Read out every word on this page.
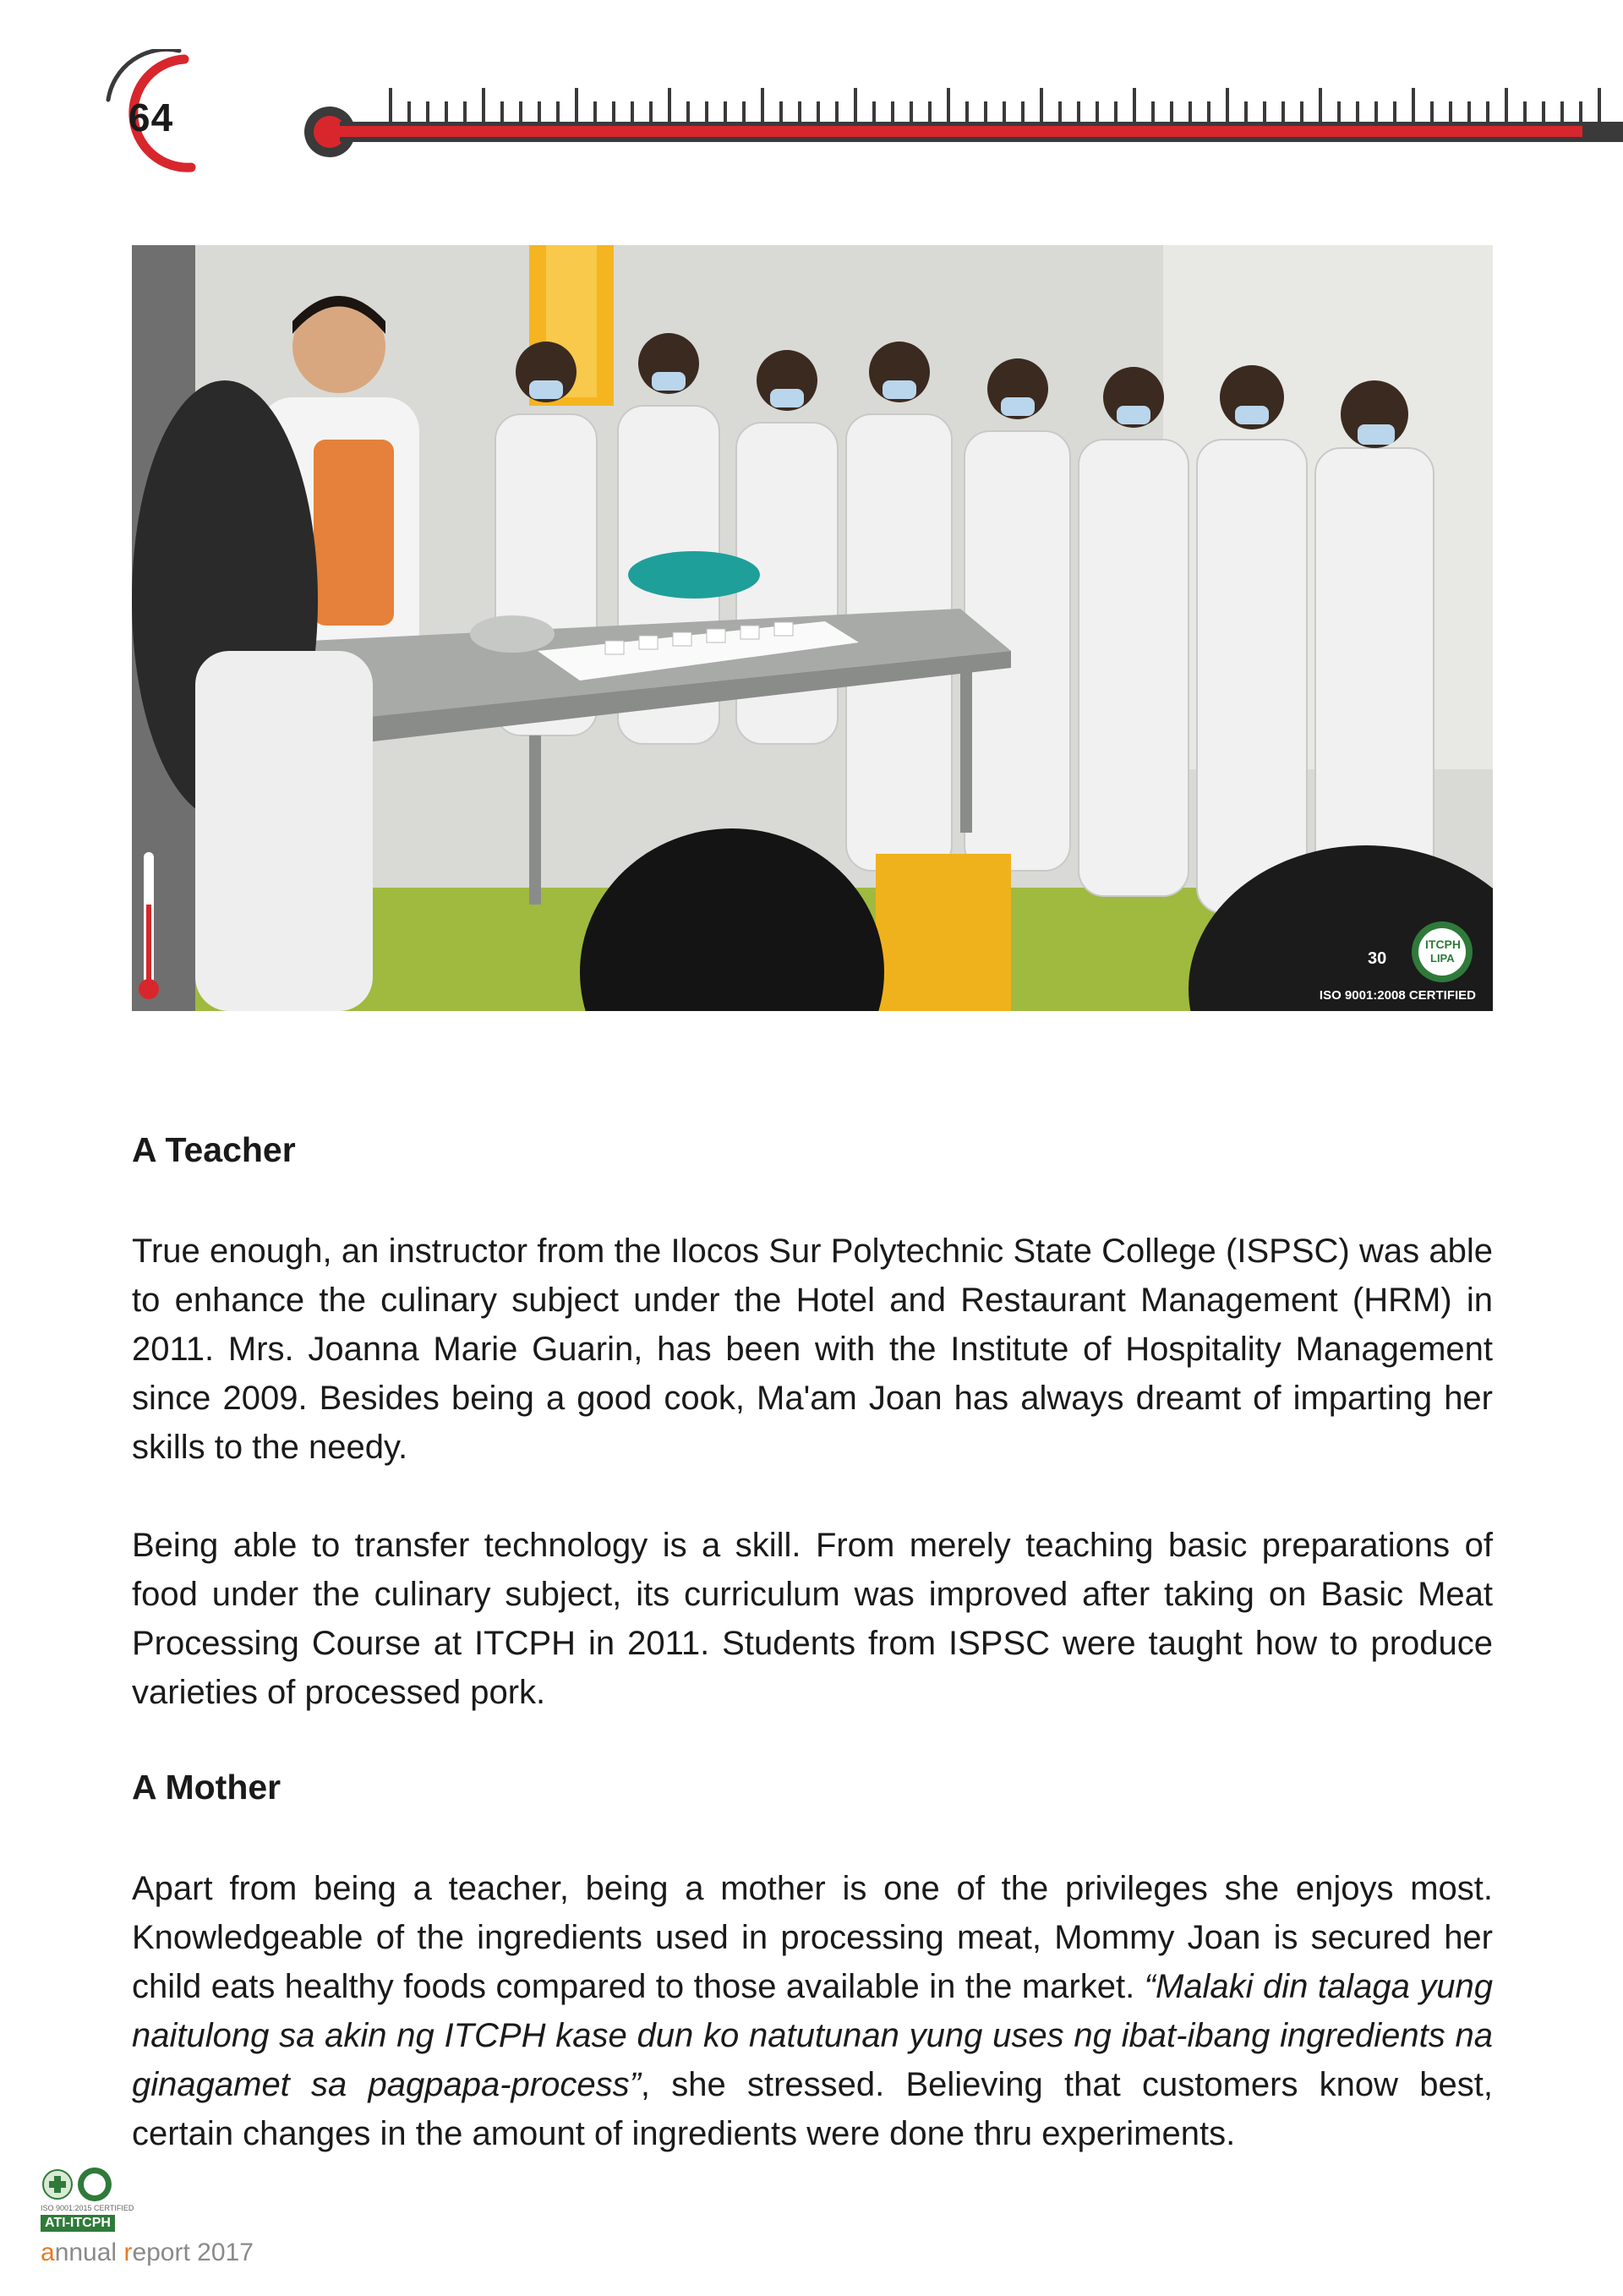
64
30
ITCPH
LIPA
ISO 9001:2008 CERTIFIED
A Teacher
True enough, an instructor from the Ilocos Sur Polytechnic State College (ISPSC) was able to enhance the culinary subject under the Hotel and Restaurant Management (HRM) in 2011. Mrs. Joanna Marie Guarin, has been with the Institute of Hospitality Management since 2009. Besides being a good cook, Ma'am Joan has always dreamt of imparting her skills to the needy.
Being able to transfer technology is a skill. From merely teaching basic preparations of food under the culinary subject, its curriculum was improved after taking on Basic Meat Processing Course at ITCPH in 2011. Students from ISPSC were taught how to produce varieties of processed pork.
A Mother
Apart from being a teacher, being a mother is one of the privileges she enjoys most. Knowledgeable of the ingredients used in processing meat, Mommy Joan is secured her child eats healthy foods compared to those available in the market. “Malaki din talaga yung naitulong sa akin ng ITCPH kase dun ko natutunan yung uses ng ibat-ibang ingredients na ginagamet sa pagpapa-process”, she stressed. Believing that customers know best, certain changes in the amount of ingredients were done thru experiments.
ISO 9001:2015 CERTIFIED
ATI-ITCPH
annual report 2017
